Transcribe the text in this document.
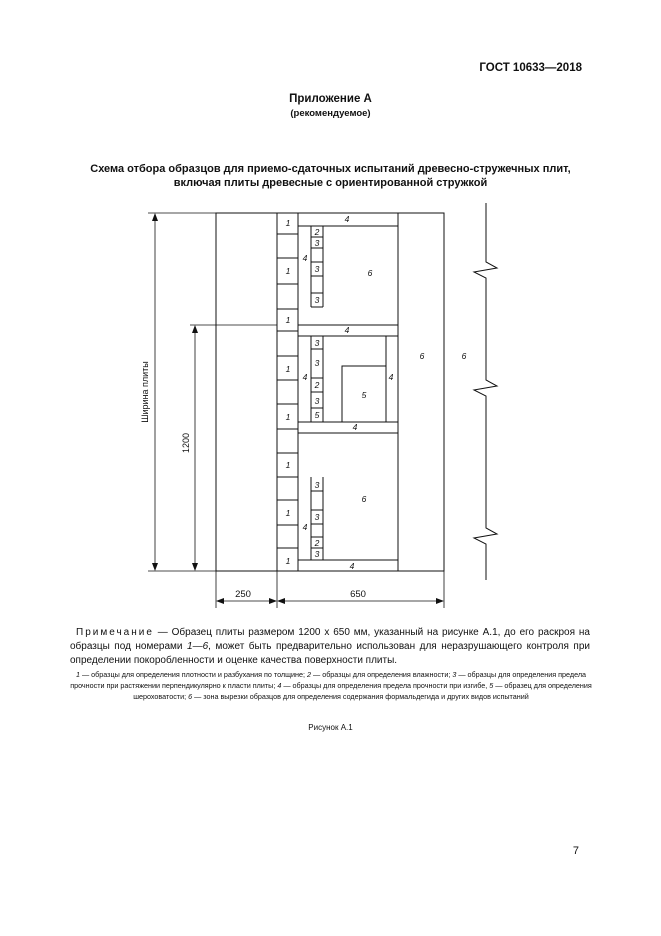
ГОСТ 10633—2018
Приложение А
(рекомендуемое)
Схема отбора образцов для приемо-сдаточных испытаний древесно-стружечных плит,
включая плиты древесные с ориентированной стружкой
Ширина плиты
1200
250	650
1
1
1
1
1
1
1
1
4
4
4
4
4
4	4
4
2
2
2
3
3
3
3
3
3
3
3
3
5
5
6
6
6	6
Примечание — Образец плиты размером 1200 х 650 мм, указанный на рисунке А.1, до его раскроя на образцы под номерами 1—6, может быть предварительно использован для неразрушающего контроля при определении покоробленности и оценке качества поверхности плиты.
1 — образцы для определения плотности и разбухания по толщине; 2 — образцы для определения влажности; 3 — образцы для определения предела прочности при растяжении перпендикулярно к пласти плиты; 4 — образцы для определения предела прочности при изгибе, 5 — образец для определения шероховатости; 6 — зона вырезки образцов для определения содержания формальдегида и других видов испытаний
Рисунок А.1
7
